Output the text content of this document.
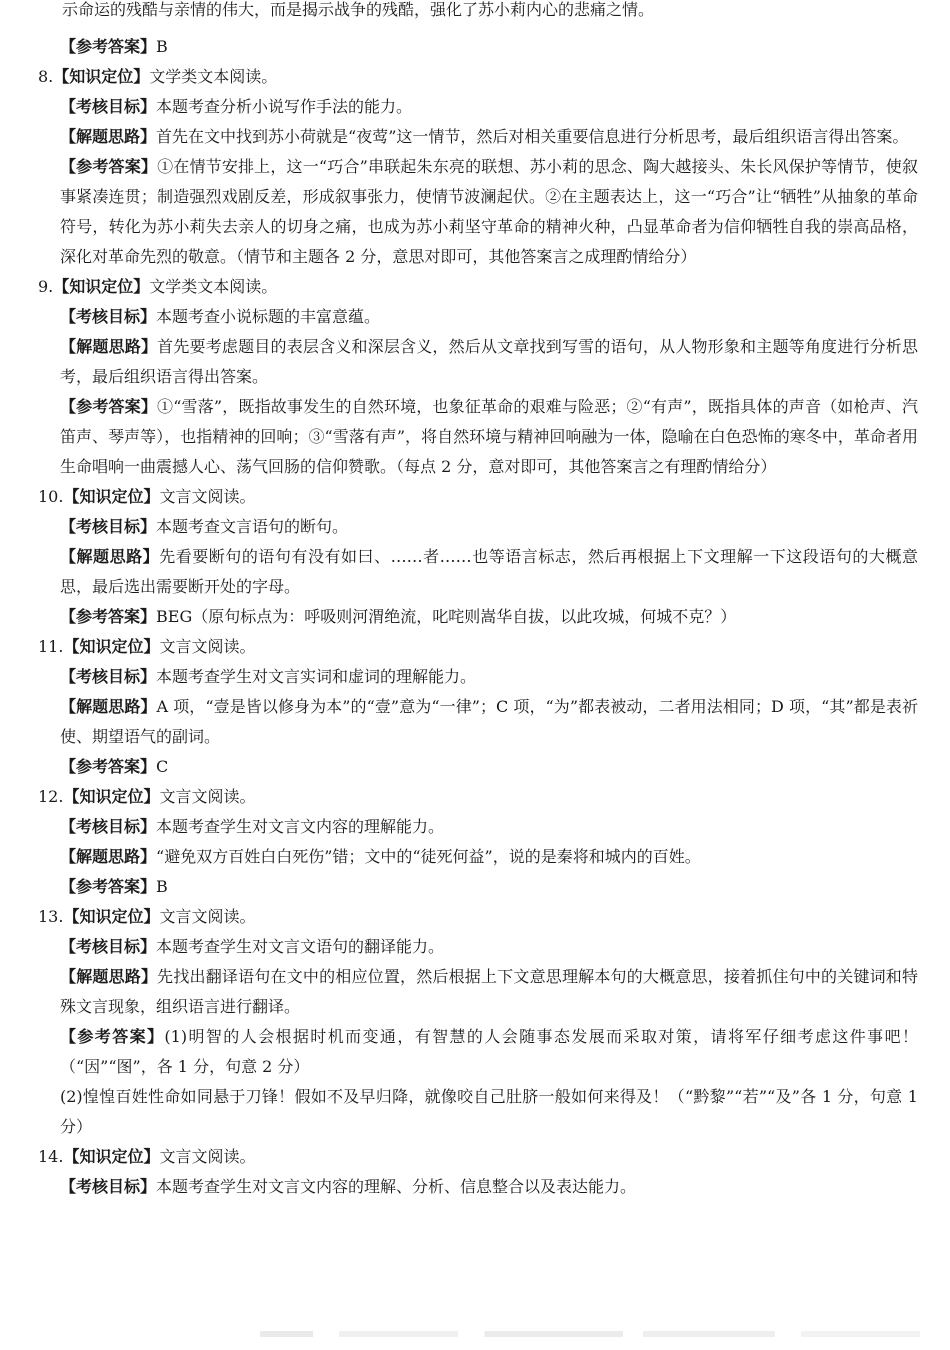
示命运的残酷与亲情的伟大，而是揭示战争的残酷，强化了苏小莉内心的悲痛之情。
【参考答案】B
8.【知识定位】文学类文本阅读。
【考核目标】本题考查分析小说写作手法的能力。
【解题思路】首先在文中找到苏小荷就是“夜莺”这一情节，然后对相关重要信息进行分析思考，最后组织语言得出答案。
【参考答案】①在情节安排上，这一“巧合”串联起朱东亮的联想、苏小莉的思念、陶大越接头、朱长风保护等情节，使叙事紧凑连贯；制造强烈戏剧反差，形成叙事张力，使情节波澜起伏。②在主题表达上，这一“巧合”让“牺牲”从抽象的革命符号，转化为苏小莉失去亲人的切身之痛，也成为苏小莉坚守革命的精神火种，凸显革命者为信仰牺牲自我的崇高品格，深化对革命先烈的敬意。（情节和主题各 2 分，意思对即可，其他答案言之成理酌情给分）
9.【知识定位】文学类文本阅读。
【考核目标】本题考查小说标题的丰富意蕴。
【解题思路】首先要考虑题目的表层含义和深层含义，然后从文章找到写雪的语句，从人物形象和主题等角度进行分析思考，最后组织语言得出答案。
【参考答案】①“雪落”，既指故事发生的自然环境，也象征革命的艰难与险恶；②“有声”，既指具体的声音（如枪声、汽笛声、琴声等），也指精神的回响；③“雪落有声”，将自然环境与精神回响融为一体，隐喻在白色恐怖的寒冬中，革命者用生命唱响一曲震撼人心、荡气回肠的信仰赞歌。（每点 2 分，意对即可，其他答案言之有理酌情给分）
10.【知识定位】文言文阅读。
【考核目标】本题考查文言语句的断句。
【解题思路】先看要断句的语句有没有如曰、……者……也等语言标志，然后再根据上下文理解一下这段语句的大概意思，最后选出需要断开处的字母。
【参考答案】BEG（原句标点为：呼吸则河渭绝流，叱咤则嵩华自拔，以此攻城，何城不克？）
11.【知识定位】文言文阅读。
【考核目标】本题考查学生对文言实词和虚词的理解能力。
【解题思路】A 项，“壹是皆以修身为本”的“壹”意为“一律”；C 项，“为”都表被动，二者用法相同；D 项，“其”都是表祈使、期望语气的副词。
【参考答案】C
12.【知识定位】文言文阅读。
【考核目标】本题考查学生对文言文内容的理解能力。
【解题思路】“避免双方百姓白白死伤”错；文中的“徒死何益”，说的是秦将和城内的百姓。
【参考答案】B
13.【知识定位】文言文阅读。
【考核目标】本题考查学生对文言文语句的翻译能力。
【解题思路】先找出翻译语句在文中的相应位置，然后根据上下文意思理解本句的大概意思，接着抓住句中的关键词和特殊文言现象，组织语言进行翻译。
【参考答案】(1)明智的人会根据时机而变通，有智慧的人会随事态发展而采取对策，请将军仔细考虑这件事吧！（“因”“图”，各 1 分，句意 2 分）
(2)惶惶百姓性命如同悬于刀锋！假如不及早归降，就像咬自己肚脐一般如何来得及！（“黔黎”“若”“及”各 1 分，句意 1 分）
14.【知识定位】文言文阅读。
【考核目标】本题考查学生对文言文内容的理解、分析、信息整合以及表达能力。
